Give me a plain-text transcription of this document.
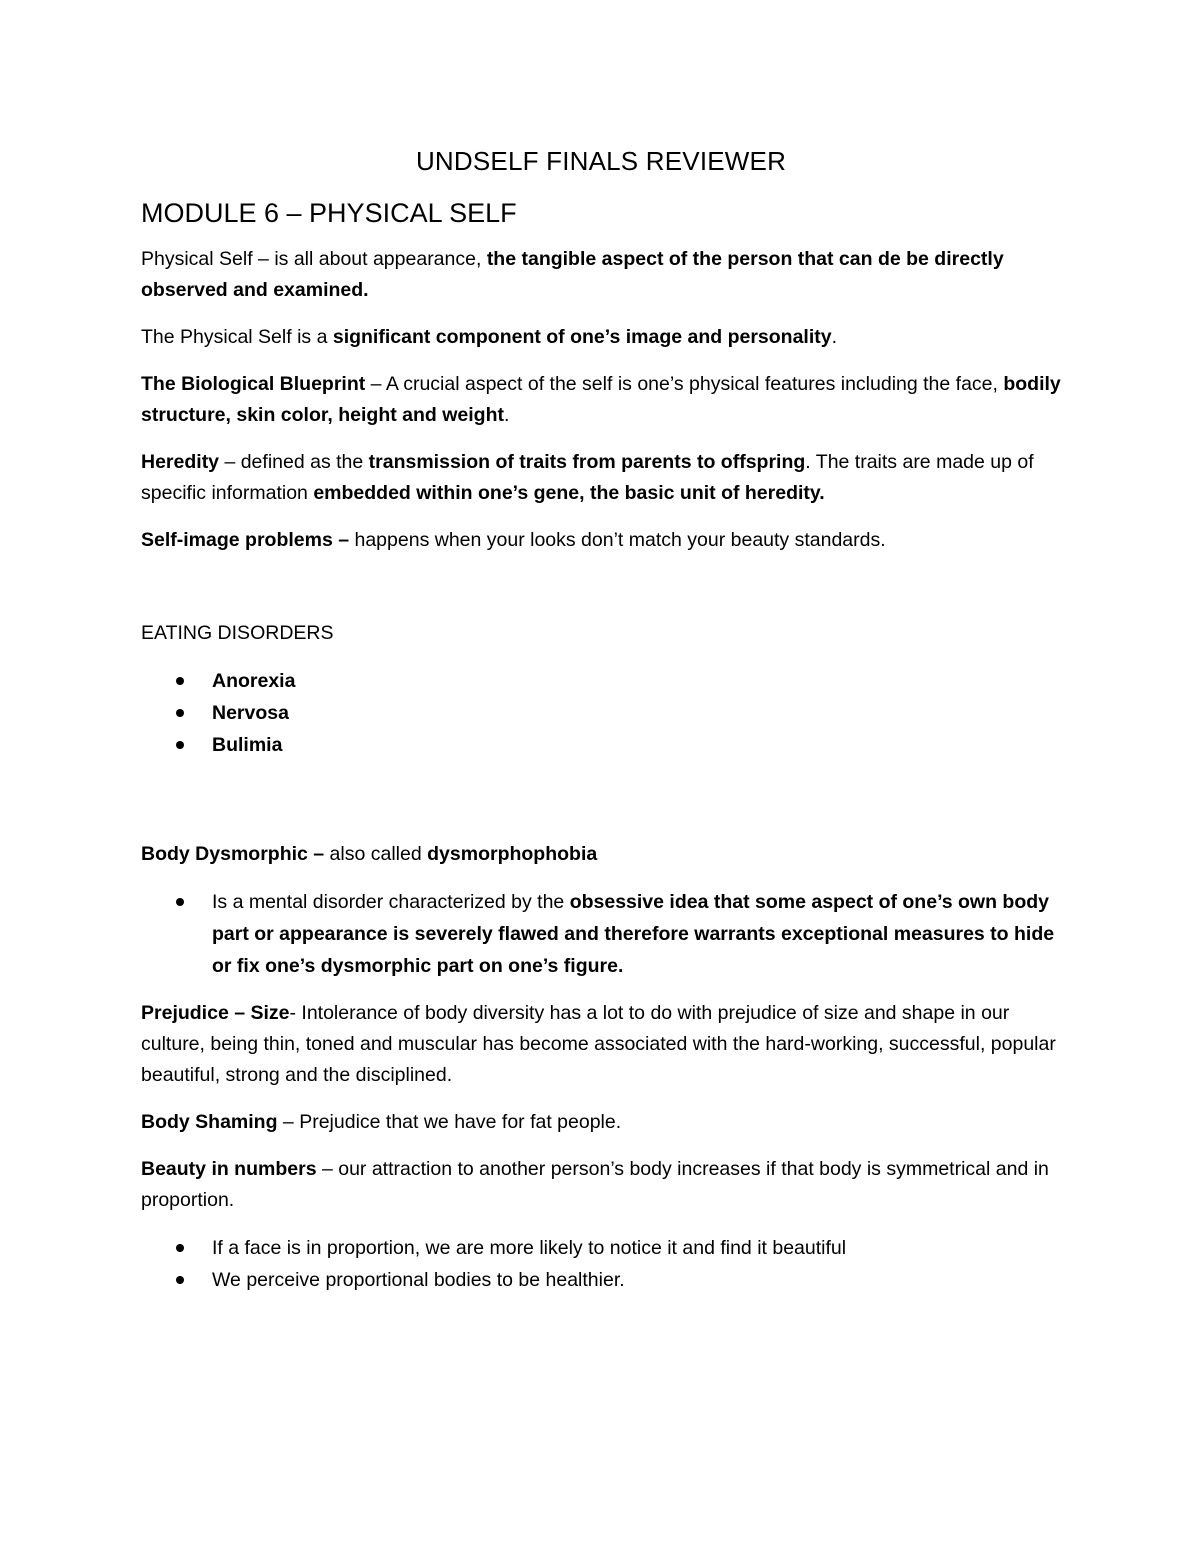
UNDSELF FINALS REVIEWER
MODULE 6 – PHYSICAL SELF

Physical Self – is all about appearance, the tangible aspect of the person that can de be directly observed and examined.

The Physical Self is a significant component of one’s image and personality.

The Biological Blueprint – A crucial aspect of the self is one’s physical features including the face, bodily structure, skin color, height and weight.

Heredity – defined as the transmission of traits from parents to offspring. The traits are made up of specific information embedded within one’s gene, the basic unit of heredity.

Self-image problems – happens when your looks don’t match your beauty standards.

EATING DISORDERS
Anorexia
Nervosa
Bulimia

Body Dysmorphic – also called dysmorphophobia

Is a mental disorder characterized by the obsessive idea that some aspect of one’s own body part or appearance is severely flawed and therefore warrants exceptional measures to hide or fix one’s dysmorphic part on one’s figure.

Prejudice – Size- Intolerance of body diversity has a lot to do with prejudice of size and shape in our culture, being thin, toned and muscular has become associated with the hard-working, successful, popular beautiful, strong and the disciplined.

Body Shaming – Prejudice that we have for fat people.

Beauty in numbers – our attraction to another person’s body increases if that body is symmetrical and in proportion.

If a face is in proportion, we are more likely to notice it and find it beautiful
We perceive proportional bodies to be healthier.
